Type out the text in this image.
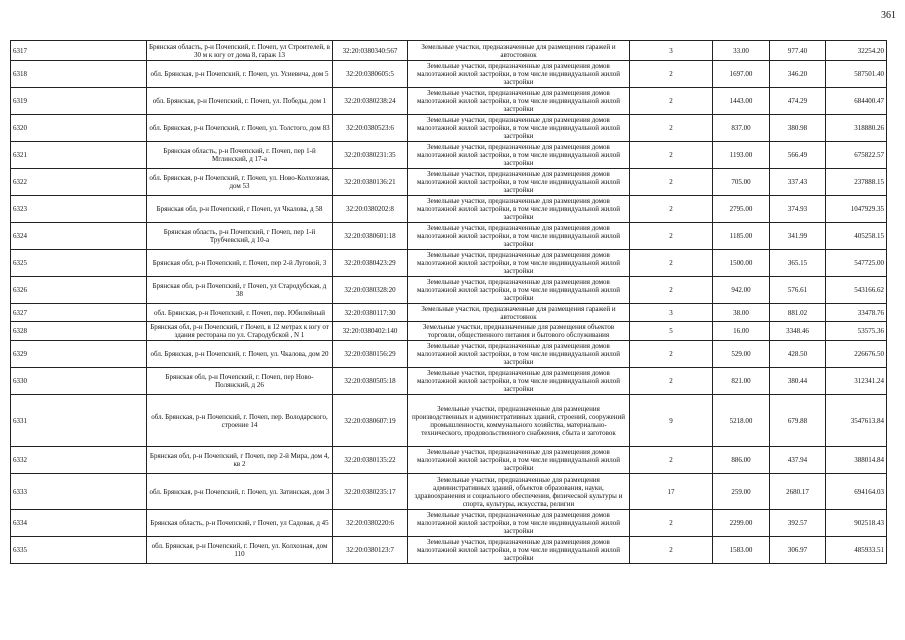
361
6317	Брянская область, р-н Почепский, г. Почеп, ул Строителей, в 30 м к югу от дома 8, гараж 13	32:20:0380340:567	Земельные участки, предназначенные для размещения гаражей и автостоянок	3	33.00	977.40	32254.20
6318	обл. Брянская, р-н Почепский, г. Почеп, ул. Усиевича, дом 5	32:20:0380605:5	Земельные участки, предназначенные для размещения домов малоэтажной жилой застройки, в том числе индивидуальной жилой застройки	2	1697.00	346.20	587501.40
6319	обл. Брянская, р-н Почепский, г. Почеп, ул. Победы, дом 1	32:20:0380238:24	Земельные участки, предназначенные для размещения домов малоэтажной жилой застройки, в том числе индивидуальной жилой застройки	2	1443.00	474.29	684400.47
6320	обл. Брянская, р-н Почепский, г. Почеп, ул. Толстого, дом 83	32:20:0380523:6	Земельные участки, предназначенные для размещения домов малоэтажной жилой застройки, в том числе индивидуальной жилой застройки	2	837.00	380.98	318880.26
6321	Брянская область, р-н Почепский, г. Почеп, пер 1-й Мглинский, д 17-а	32:20:0380231:35	Земельные участки, предназначенные для размещения домов малоэтажной жилой застройки, в том числе индивидуальной жилой застройки	2	1193.00	566.49	675822.57
6322	обл. Брянская, р-н Почепский, г. Почеп, ул. Ново-Колхозная, дом 53	32:20:0380136:21	Земельные участки, предназначенные для размещения домов малоэтажной жилой застройки, в том числе индивидуальной жилой застройки	2	705.00	337.43	237888.15
6323	Брянская обл, р-н Почепский, г Почеп, ул Чкалова, д 58	32:20:0380202:8	Земельные участки, предназначенные для размещения домов малоэтажной жилой застройки, в том числе индивидуальной жилой застройки	2	2795.00	374.93	1047929.35
6324	Брянская область, р-н Почепский, г Почеп, пер 1-й Трубчевский, д 10-а	32:20:0380601:18	Земельные участки, предназначенные для размещения домов малоэтажной жилой застройки, в том числе индивидуальной жилой застройки	2	1185.00	341.99	405258.15
6325	Брянская обл, р-н Почепский, г. Почеп, пер 2-й Луговой, 3	32:20:0380423:29	Земельные участки, предназначенные для размещения домов малоэтажной жилой застройки, в том числе индивидуальной жилой застройки	2	1500.00	365.15	547725.00
6326	Брянская обл, р-н Почепский, г Почеп, ул Стародубская, д 38	32:20:0380328:20	Земельные участки, предназначенные для размещения домов малоэтажной жилой застройки, в том числе индивидуальной жилой застройки	2	942.00	576.61	543166.62
6327	обл. Брянская, р-н Почепский, г. Почеп, пер. Юбилейный	32:20:0380117:30	Земельные участки, предназначенные для размещения гаражей и автостоянок	3	38.00	881.02	33478.76
6328	Брянская обл, р-н Почепский, г Почеп, в 12 метрах к югу от здания ресторана по ул. Стародубской , N 1	32:20:0380402:140	Земельные участки, предназначенные для размещения объектов торговли, общественного питания и бытового обслуживания	5	16.00	3348.46	53575.36
6329	обл. Брянская, р-н Почепский, г. Почеп, ул. Чкалова, дом 20	32:20:0380156:29	Земельные участки, предназначенные для размещения домов малоэтажной жилой застройки, в том числе индивидуальной жилой застройки	2	529.00	428.50	226676.50
6330	Брянская обл, р-н Почепский, г. Почеп, пер Ново-Полянский, д 26	32:20:0380505:18	Земельные участки, предназначенные для размещения домов малоэтажной жилой застройки, в том числе индивидуальной жилой застройки	2	821.00	380.44	312341.24
6331	обл. Брянская, р-н Почепский, г. Почеп, пер. Володарского, строение 14	32:20:0380607:19	Земельные участки, предназначенные для размещения производственных и административных зданий, строений, сооружений промышленности, коммунального хозяйства, материально-технического, продовольственного снабжения, сбыта и заготовок	9	5218.00	679.88	3547613.84
6332	Брянская обл, р-н Почепский, г Почеп, пер 2-й Мира, дом 4, кв 2	32:20:0380135:22	Земельные участки, предназначенные для размещения домов малоэтажной жилой застройки, в том числе индивидуальной жилой застройки	2	886.00	437.94	388014.84
6333	обл. Брянская, р-н Почепский, г. Почеп, ул. Затинская, дом 3	32:20:0380235:17	Земельные участки, предназначенные для размещения административных зданий, объектов образования, науки, здравоохранения и социального обеспечения, физической культуры и спорта, культуры, искусства, религии	17	259.00	2680.17	694164.03
6334	Брянская область, р-н Почепский, г Почеп, ул Садовая, д 45	32:20:0380220:6	Земельные участки, предназначенные для размещения домов малоэтажной жилой застройки, в том числе индивидуальной жилой застройки	2	2299.00	392.57	902518.43
6335	обл. Брянская, р-н Почепский, г. Почеп, ул. Колхозная, дом 110	32:20:0380123:7	Земельные участки, предназначенные для размещения домов малоэтажной жилой застройки, в том числе индивидуальной жилой застройки	2	1583.00	306.97	485933.51
